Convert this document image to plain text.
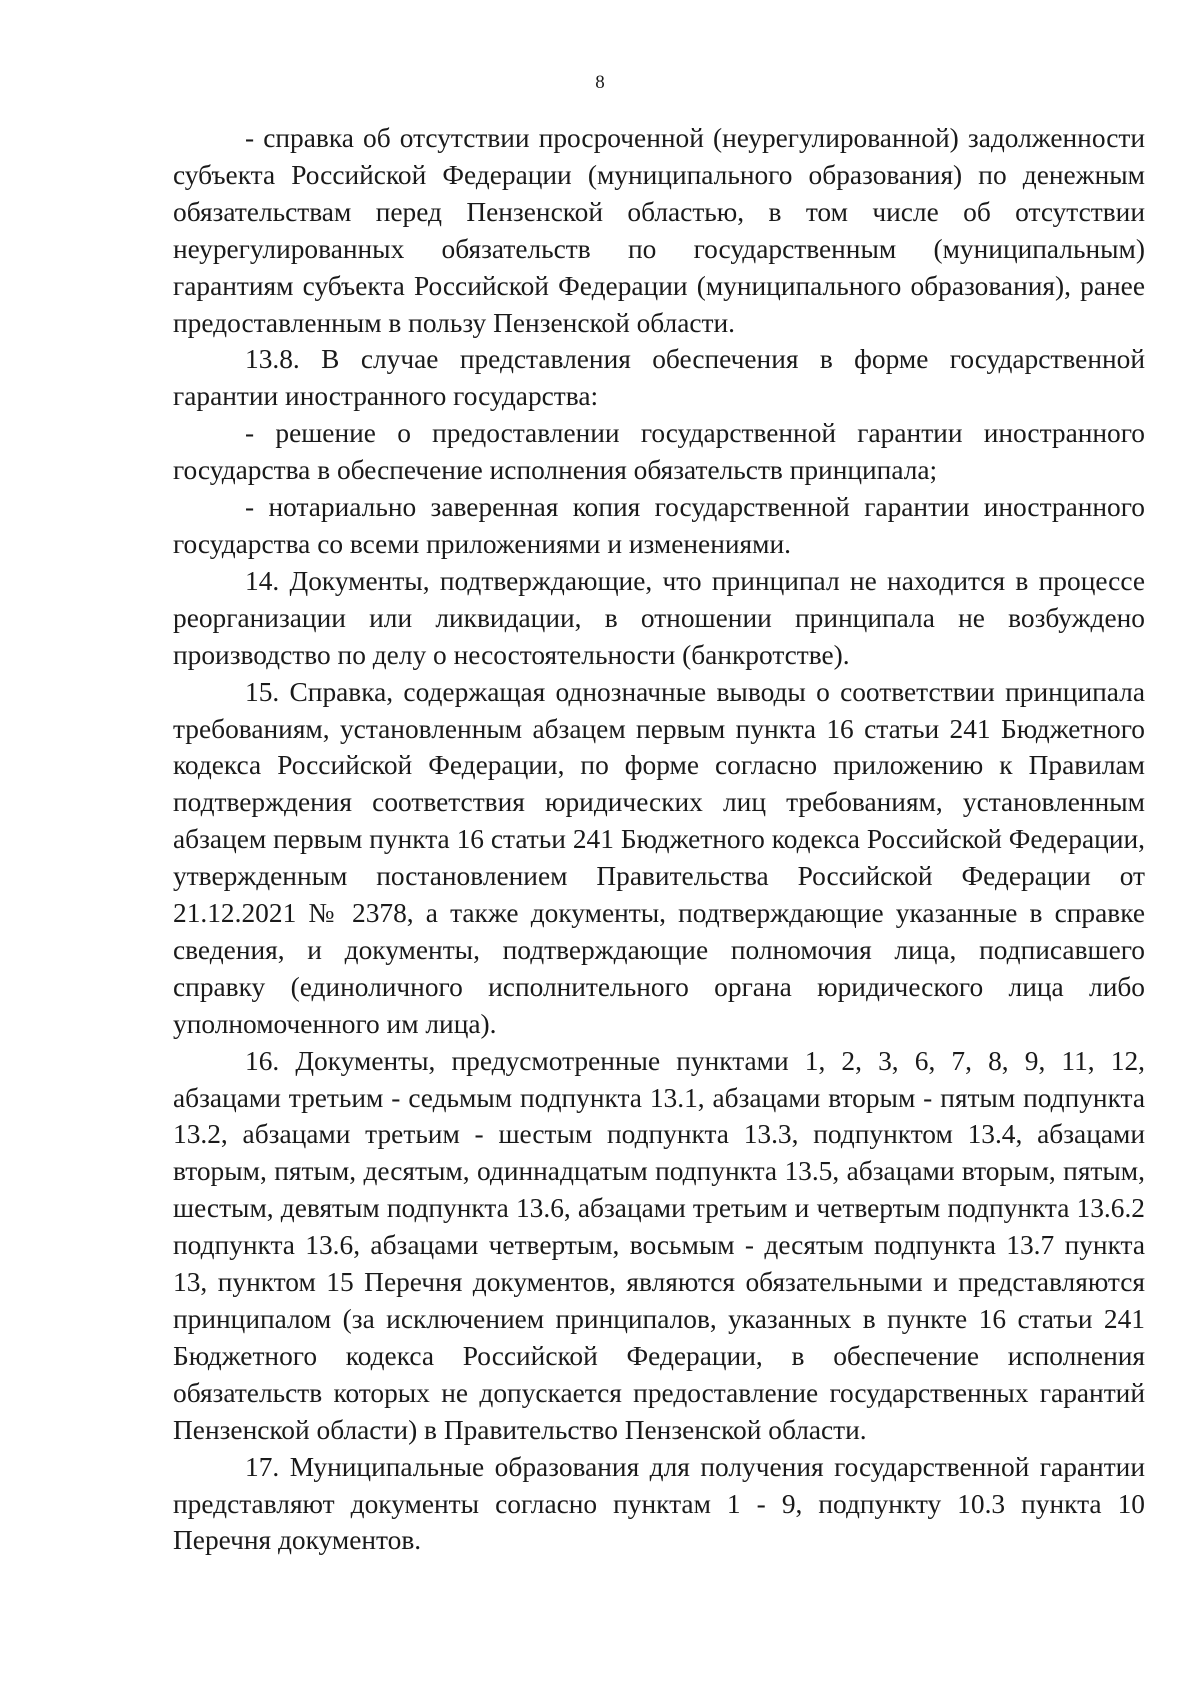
8

- справка об отсутствии просроченной (неурегулированной) задолженности субъекта Российской Федерации (муниципального образования) по денежным обязательствам перед Пензенской областью, в том числе об отсутствии неурегулированных обязательств по государственным (муниципальным) гарантиям субъекта Российской Федерации (муниципального образования), ранее предоставленным в пользу Пензенской области.

13.8. В случае представления обеспечения в форме государственной гарантии иностранного государства:

- решение о предоставлении государственной гарантии иностранного государства в обеспечение исполнения обязательств принципала;

- нотариально заверенная копия государственной гарантии иностранного государства со всеми приложениями и изменениями.

14. Документы, подтверждающие, что принципал не находится в процессе реорганизации или ликвидации, в отношении принципала не возбуждено производство по делу о несостоятельности (банкротстве).

15. Справка, содержащая однозначные выводы о соответствии принципала требованиям, установленным абзацем первым пункта 16 статьи 241 Бюджетного кодекса Российской Федерации, по форме согласно приложению к Правилам подтверждения соответствия юридических лиц требованиям, установленным абзацем первым пункта 16 статьи 241 Бюджетного кодекса Российской Федерации, утвержденным постановлением Правительства Российской Федерации от 21.12.2021 № 2378, а также документы, подтверждающие указанные в справке сведения, и документы, подтверждающие полномочия лица, подписавшего справку (единоличного исполнительного органа юридического лица либо уполномоченного им лица).

16. Документы, предусмотренные пунктами 1, 2, 3, 6, 7, 8, 9, 11, 12, абзацами третьим - седьмым подпункта 13.1, абзацами вторым - пятым подпункта 13.2, абзацами третьим - шестым подпункта 13.3, подпунктом 13.4, абзацами вторым, пятым, десятым, одиннадцатым подпункта 13.5, абзацами вторым, пятым, шестым, девятым подпункта 13.6, абзацами третьим и четвертым подпункта 13.6.2 подпункта 13.6, абзацами четвертым, восьмым - десятым подпункта 13.7 пункта 13, пунктом 15 Перечня документов, являются обязательными и представляются принципалом (за исключением принципалов, указанных в пункте 16 статьи 241 Бюджетного кодекса Российской Федерации, в обеспечение исполнения обязательств которых не допускается предоставление государственных гарантий Пензенской области) в Правительство Пензенской области.

17. Муниципальные образования для получения государственной гарантии представляют документы согласно пунктам 1 - 9, подпункту 10.3 пункта 10 Перечня документов.
